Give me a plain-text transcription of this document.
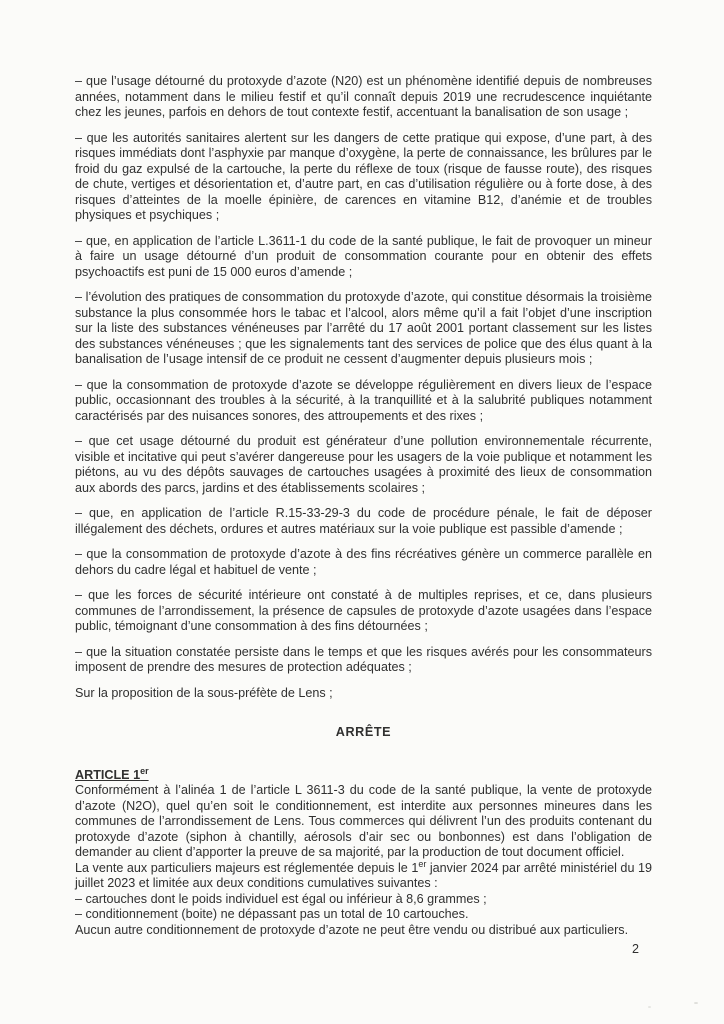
– que l’usage détourné du protoxyde d’azote (N20) est un phénomène identifié depuis de nombreuses années, notamment dans le milieu festif et qu’il connaît depuis 2019 une recrudescence inquiétante chez les jeunes, parfois en dehors de tout contexte festif, accentuant la banalisation de son usage ;

– que les autorités sanitaires alertent sur les dangers de cette pratique qui expose, d’une part, à des risques immédiats dont l’asphyxie par manque d’oxygène, la perte de connaissance, les brûlures par le froid du gaz expulsé de la cartouche, la perte du réflexe de toux (risque de fausse route), des risques de chute, vertiges et désorientation et, d’autre part, en cas d’utilisation régulière ou à forte dose, à des risques d’atteintes de la moelle épinière, de carences en vitamine B12, d’anémie et de troubles physiques et psychiques ;

– que, en application de l’article L.3611-1 du code de la santé publique, le fait de provoquer un mineur à faire un usage détourné d’un produit de consommation courante pour en obtenir des effets psychoactifs est puni de 15 000 euros d’amende ;

– l’évolution des pratiques de consommation du protoxyde d’azote, qui constitue désormais la troisième substance la plus consommée hors le tabac et l’alcool, alors même qu’il a fait l’objet d’une inscription sur la liste des substances vénéneuses par l’arrêté du 17 août 2001 portant classement sur les listes des substances vénéneuses ; que les signalements tant des services de police que des élus quant à la banalisation de l’usage intensif de ce produit ne cessent d’augmenter depuis plusieurs mois ;

– que la consommation de protoxyde d’azote se développe régulièrement en divers lieux de l’espace public, occasionnant des troubles à la sécurité, à la tranquillité et à la salubrité publiques notamment caractérisés par des nuisances sonores, des attroupements et des rixes ;

– que cet usage détourné du produit est générateur d’une pollution environnementale récurrente, visible et incitative qui peut s’avérer dangereuse pour les usagers de la voie publique et notamment les piétons, au vu des dépôts sauvages de cartouches usagées à proximité des lieux de consommation aux abords des parcs, jardins et des établissements scolaires ;

– que, en application de l’article R.15-33-29-3 du code de procédure pénale, le fait de déposer illégalement des déchets, ordures et autres matériaux sur la voie publique est passible d’amende ;

– que la consommation de protoxyde d’azote à des fins récréatives génère un commerce parallèle en dehors du cadre légal et habituel de vente ;

– que les forces de sécurité intérieure ont constaté à de multiples reprises, et ce, dans plusieurs communes de l’arrondissement, la présence de capsules de protoxyde d’azote usagées dans l’espace public, témoignant d’une consommation à des fins détournées ;

– que la situation constatée persiste dans le temps et que les risques avérés pour les consommateurs imposent de prendre des mesures de protection adéquates ;

Sur la proposition de la sous-préfète de Lens ;

ARRÊTE
ARTICLE 1er

Conformément à l’alinéa 1 de l’article L 3611-3 du code de la santé publique, la vente de protoxyde d’azote (N2O), quel qu’en soit le conditionnement, est interdite aux personnes mineures dans les communes de l’arrondissement de Lens. Tous commerces qui délivrent l’un des produits contenant du protoxyde d’azote (siphon à chantilly, aérosols d’air sec ou bonbonnes) est dans l’obligation de demander au client d’apporter la preuve de sa majorité, par la production de tout document officiel.

La vente aux particuliers majeurs est réglementée depuis le 1er janvier 2024 par arrêté ministériel du 19 juillet 2023 et limitée aux deux conditions cumulatives suivantes :

– cartouches dont le poids individuel est égal ou inférieur à 8,6 grammes ;

– conditionnement (boite) ne dépassant pas un total de 10 cartouches.

Aucun autre conditionnement de protoxyde d’azote ne peut être vendu ou distribué aux particuliers.

2
